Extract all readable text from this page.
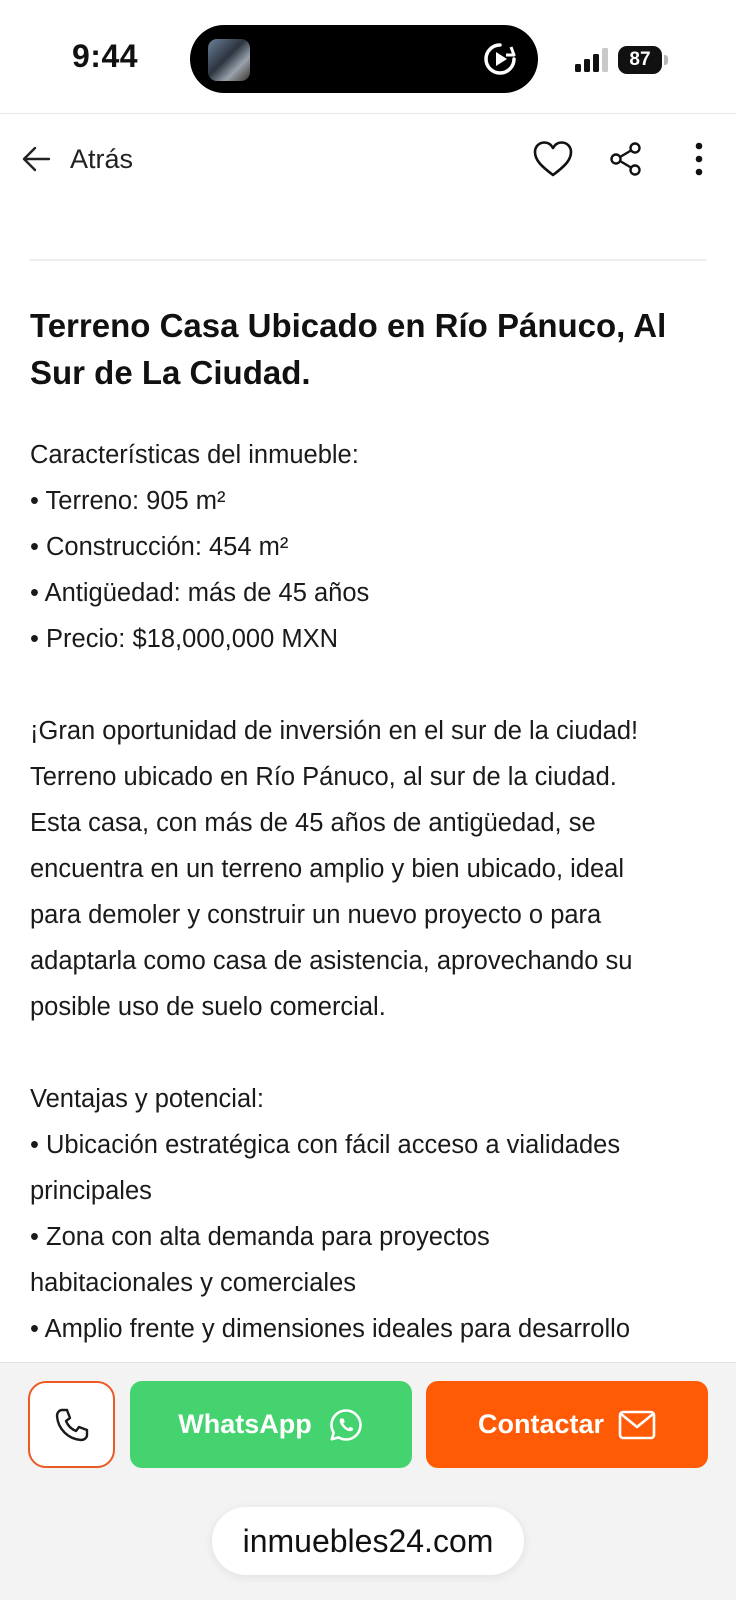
9:44	87
Atrás
Terreno Casa Ubicado en Río Pánuco, Al Sur de La Ciudad.
Características del inmueble:
• Terreno: 905 m²
• Construcción: 454 m²
• Antigüedad: más de 45 años
• Precio: $18,000,000 MXN
¡Gran oportunidad de inversión en el sur de la ciudad!
Terreno ubicado en Río Pánuco, al sur de la ciudad.
Esta casa, con más de 45 años de antigüedad, se
encuentra en un terreno amplio y bien ubicado, ideal
para demoler y construir un nuevo proyecto o para
adaptarla como casa de asistencia, aprovechando su
posible uso de suelo comercial.
Ventajas y potencial:
• Ubicación estratégica con fácil acceso a vialidades
principales
• Zona con alta demanda para proyectos
habitacionales y comerciales
• Amplio frente y dimensiones ideales para desarrollo
WhatsApp	Contactar
inmuebles24.com
